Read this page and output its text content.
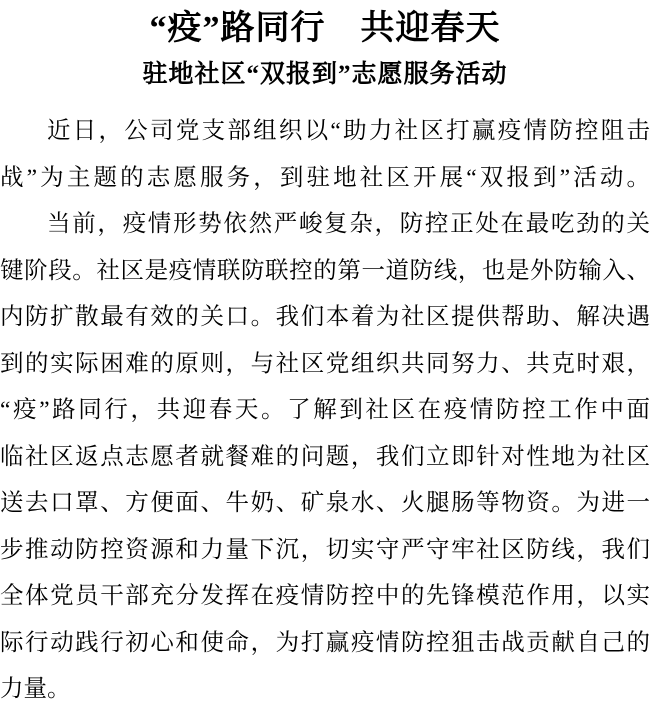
“疫”路同行　共迎春天
驻地社区“双报到”志愿服务活动
近日，公司党支部组织以“助力社区打赢疫情防控阻击
战”为主题的志愿服务，到驻地社区开展“双报到”活动。
当前，疫情形势依然严峻复杂，防控正处在最吃劲的关
键阶段。社区是疫情联防联控的第一道防线，也是外防输入、
内防扩散最有效的关口。我们本着为社区提供帮助、解决遇
到的实际困难的原则，与社区党组织共同努力、共克时艰，
“疫”路同行，共迎春天。了解到社区在疫情防控工作中面
临社区返点志愿者就餐难的问题，我们立即针对性地为社区
送去口罩、方便面、牛奶、矿泉水、火腿肠等物资。为进一
步推动防控资源和力量下沉，切实守严守牢社区防线，我们
全体党员干部充分发挥在疫情防控中的先锋模范作用，以实
际行动践行初心和使命，为打赢疫情防控狙击战贡献自己的
力量。
